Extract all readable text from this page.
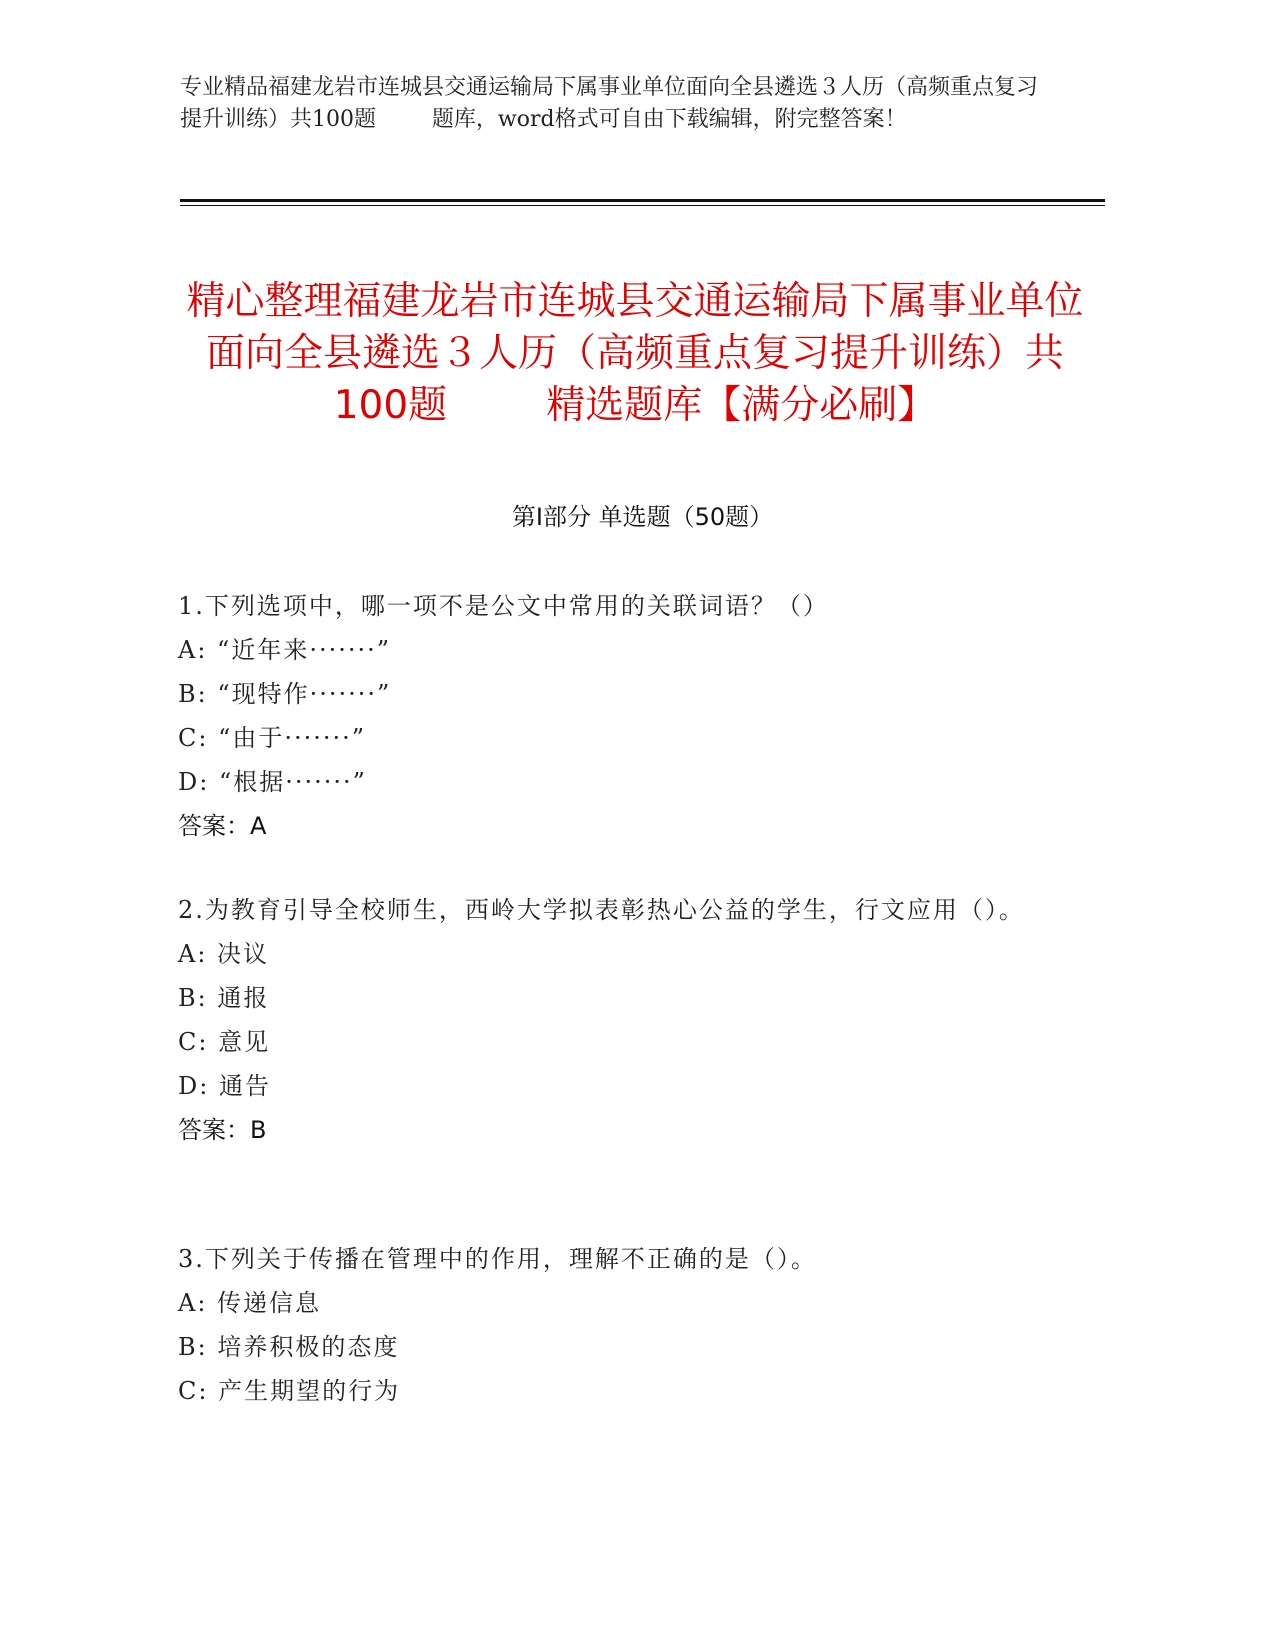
专业精品福建龙岩市连城县交通运输局下属事业单位面向全县遴选３人历（高频重点复习提升训练）共100题        题库，word格式可自由下载编辑，附完整答案！
精心整理福建龙岩市连城县交通运输局下属事业单位面向全县遴选３人历（高频重点复习提升训练）共100题        精选题库【满分必刷】
第Ⅰ部分 单选题（50题）
1.下列选项中，哪一项不是公文中常用的关联词语？（）
A: “近年来·······”
B: “现特作·······”
C: “由于·······”
D: “根据·······”
答案：A
2.为教育引导全校师生，西岭大学拟表彰热心公益的学生，行文应用（）。
A: 决议
B: 通报
C: 意见
D: 通告
答案：B
3.下列关于传播在管理中的作用，理解不正确的是（）。
A: 传递信息
B: 培养积极的态度
C: 产生期望的行为
